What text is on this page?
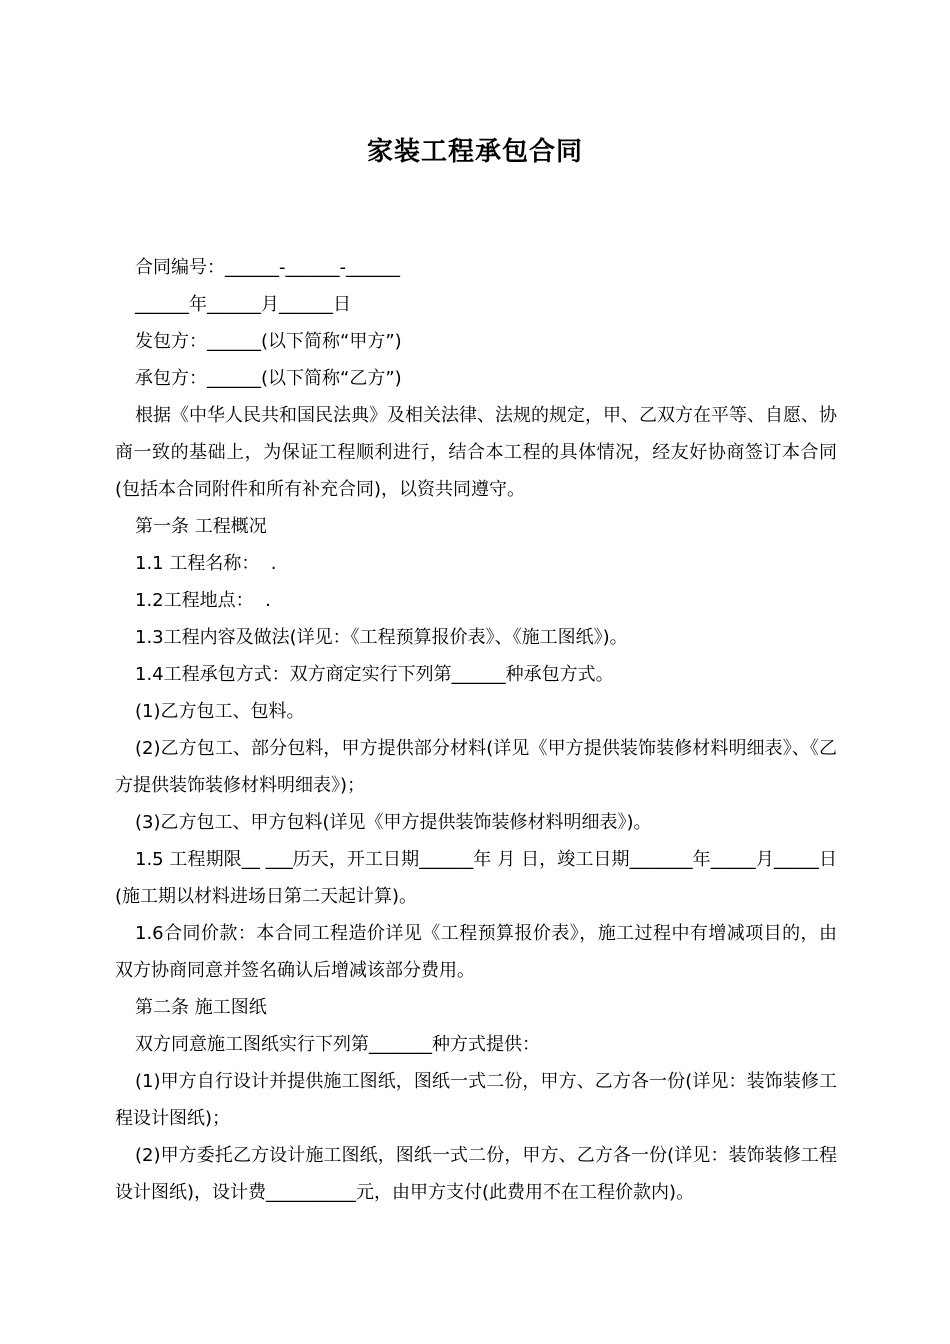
家装工程承包合同

合同编号：______-______-______

______年______月______日

发包方：______(以下简称“甲方”)

承包方：______(以下简称“乙方”)

根据《中华人民共和国民法典》及相关法律、法规的规定，甲、乙双方在平等、自愿、协商一致的基础上，为保证工程顺利进行，结合本工程的具体情况，经友好协商签订本合同(包括本合同附件和所有补充合同)，以资共同遵守。

第一条 工程概况

1.1 工程名称：  .

1.2工程地点：  .

1.3工程内容及做法(详见：《工程预算报价表》、《施工图纸》)。

1.4工程承包方式：双方商定实行下列第______种承包方式。

(1)乙方包工、包料。

(2)乙方包工、部分包料，甲方提供部分材料(详见《甲方提供装饰装修材料明细表》、《乙方提供装饰装修材料明细表》)；

(3)乙方包工、甲方包料(详见《甲方提供装饰装修材料明细表》)。

1.5 工程期限__ ___历天，开工日期______年 月 日，竣工日期_______年_____月_____日(施工期以材料进场日第二天起计算)。

1.6合同价款：本合同工程造价详见《工程预算报价表》，施工过程中有增减项目的，由双方协商同意并签名确认后增减该部分费用。

第二条 施工图纸

双方同意施工图纸实行下列第_______种方式提供：

(1)甲方自行设计并提供施工图纸，图纸一式二份，甲方、乙方各一份(详见：装饰装修工程设计图纸)；

(2)甲方委托乙方设计施工图纸，图纸一式二份，甲方、乙方各一份(详见：装饰装修工程设计图纸)，设计费__________元，由甲方支付(此费用不在工程价款内)。
